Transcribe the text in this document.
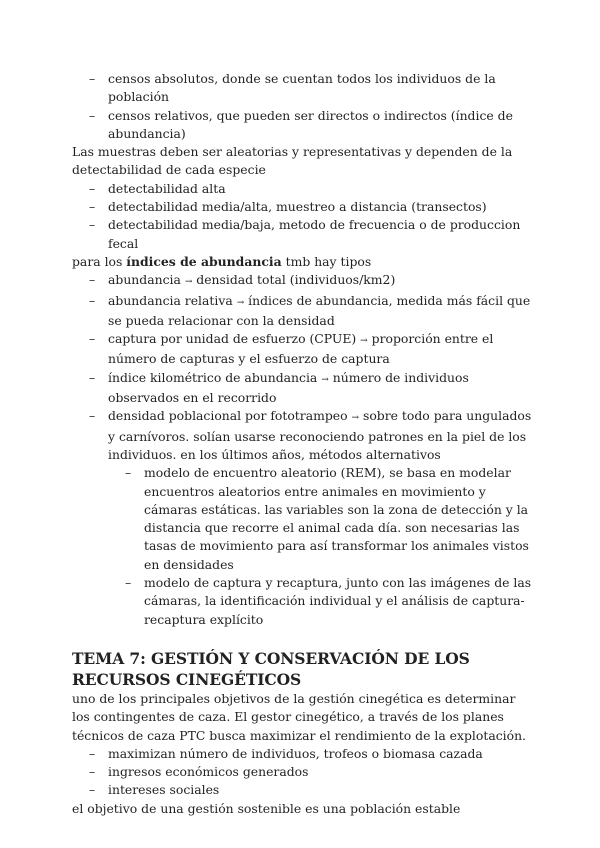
– censos absolutos, donde se cuentan todos los individuos de la población
– censos relativos, que pueden ser directos o indirectos (índice de abundancia)

Las muestras deben ser aleatorias y representativas y dependen de la detectabilidad de cada especie

– detectabilidad alta
– detectabilidad media/alta, muestreo a distancia (transectos)
– detectabilidad media/baja, metodo de frecuencia o de produccion fecal

para los índices de abundancia tmb hay tipos

– abundancia → densidad total (individuos/km2)
– abundancia relativa → índices de abundancia, medida más fácil que se pueda relacionar con la densidad
– captura por unidad de esfuerzo (CPUE) → proporción entre el número de capturas y el esfuerzo de captura
– índice kilométrico de abundancia → número de individuos observados en el recorrido
– densidad poblacional por fototrampeo → sobre todo para ungulados y carnívoros. solían usarse reconociendo patrones en la piel de los individuos. en los últimos años, métodos alternativos
– modelo de encuentro aleatorio (REM), se basa en modelar encuentros aleatorios entre animales en movimiento y cámaras estáticas. las variables son la zona de detección y la distancia que recorre el animal cada día. son necesarias las tasas de movimiento para así transformar los animales vistos en densidades
– modelo de captura y recaptura, junto con las imágenes de las cámaras, la identificación individual y el análisis de captura-recaptura explícito

TEMA 7: GESTIÓN Y CONSERVACIÓN DE LOS RECURSOS CINEGÉTICOS

uno de los principales objetivos de la gestión cinegética es determinar los contingentes de caza. El gestor cinegético, a través de los planes técnicos de caza PTC busca maximizar el rendimiento de la explotación.

– maximizan número de individuos, trofeos o biomasa cazada
– ingresos económicos generados
– intereses sociales

el objetivo de una gestión sostenible es una población estable
